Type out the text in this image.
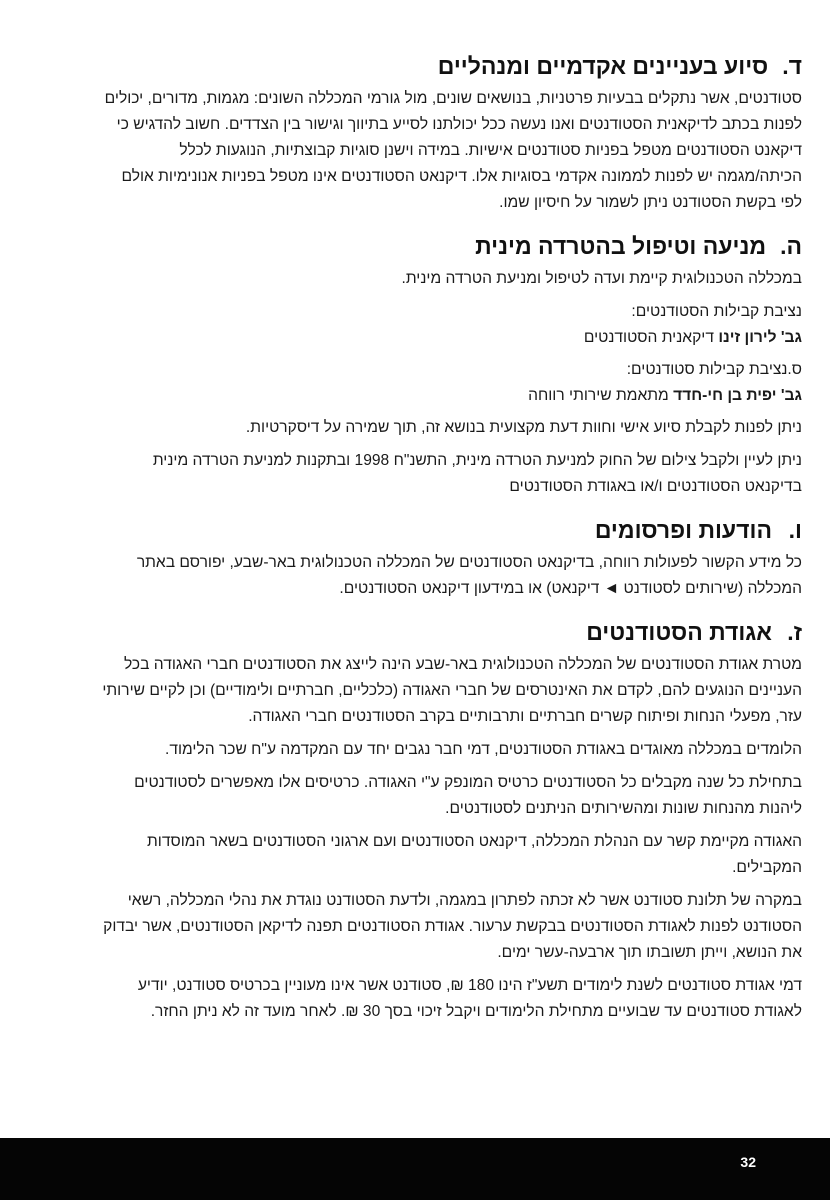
ד.
סיוע בעניינים אקדמיים ומנהליים

סטודנטים, אשר נתקלים בבעיות פרטניות, בנושאים שונים, מול גורמי המכללה השונים: מגמות, מדורים, יכולים לפנות בכתב לדיקאנית הסטודנטים ואנו נעשה ככל יכולתנו לסייע בתיווך וגישור בין הצדדים. חשוב להדגיש כי דיקאנט הסטודנטים מטפל בפניות סטודנטים אישיות. במידה וישנן סוגיות קבוצתיות, הנוגעות לכלל הכיתה/מגמה יש לפנות לממונה אקדמי בסוגיות אלו. דיקנאט הסטודנטים אינו מטפל בפניות אנונימיות אולם לפי בקשת הסטודנט ניתן לשמור על חיסיון שמו.

ה.
מניעה וטיפול בהטרדה מינית

במכללה הטכנולוגית קיימת ועדה לטיפול ומניעת הטרדה מינית.

נציבת קבילות הסטודנטים:

גב' לירון זינו דיקאנית הסטודנטים

ס.נציבת קבילות סטודנטים:

גב' יפית בן חי-חדד מתאמת שירותי רווחה

ניתן לפנות לקבלת סיוע אישי וחוות דעת מקצועית בנושא זה, תוך שמירה על דיסקרטיות.

ניתן לעיין ולקבל צילום של החוק למניעת הטרדה מינית, התשנ"ח 1998 ובתקנות למניעת הטרדה מינית בדיקנאט הסטודנטים ו/או באגודת הסטודנטים

ו.
הודעות ופרסומים

כל מידע הקשור לפעולות רווחה, בדיקנאט הסטודנטים של המכללה הטכנולוגית באר-שבע, יפורסם באתר המכללה (שירותים לסטודנט ◄ דיקנאט) או במידעון דיקנאט הסטודנטים.

ז.
אגודת הסטודנטים

מטרת אגודת הסטודנטים של המכללה הטכנולוגית באר-שבע הינה לייצג את הסטודנטים חברי האגודה בכל העניינים הנוגעים להם, לקדם את האינטרסים של חברי האגודה (כלכליים, חברתיים ולימודיים) וכן לקיים שירותי עזר, מפעלי הנחות ופיתוח קשרים חברתיים ותרבותיים בקרב הסטודנטים חברי האגודה.

הלומדים במכללה מאוגדים באגודת הסטודנטים, דמי חבר נגבים יחד עם המקדמה ע"ח שכר הלימוד.

בתחילת כל שנה מקבלים כל הסטודנטים כרטיס המונפק ע"י האגודה. כרטיסים אלו מאפשרים לסטודנטים ליהנות מהנחות שונות ומהשירותים הניתנים לסטודנטים.

האגודה מקיימת קשר עם הנהלת המכללה, דיקנאט הסטודנטים ועם ארגוני הסטודנטים בשאר המוסדות המקבילים.

במקרה של תלונת סטודנט אשר לא זכתה לפתרון במגמה, ולדעת הסטודנט נוגדת את נהלי המכללה, רשאי הסטודנט לפנות לאגודת הסטודנטים בבקשת ערעור. אגודת הסטודנטים תפנה לדיקאן הסטודנטים, אשר יבדוק את הנושא, וייתן תשובתו תוך ארבעה-עשר ימים.

דמי אגודת סטודנטים לשנת לימודים תשע"ז הינו 180 ₪, סטודנט אשר אינו מעוניין בכרטיס סטודנט, יודיע לאגודת סטודנטים עד שבועיים מתחילת הלימודים ויקבל זיכוי בסך 30 ₪. לאחר מועד זה לא ניתן החזר.

32
